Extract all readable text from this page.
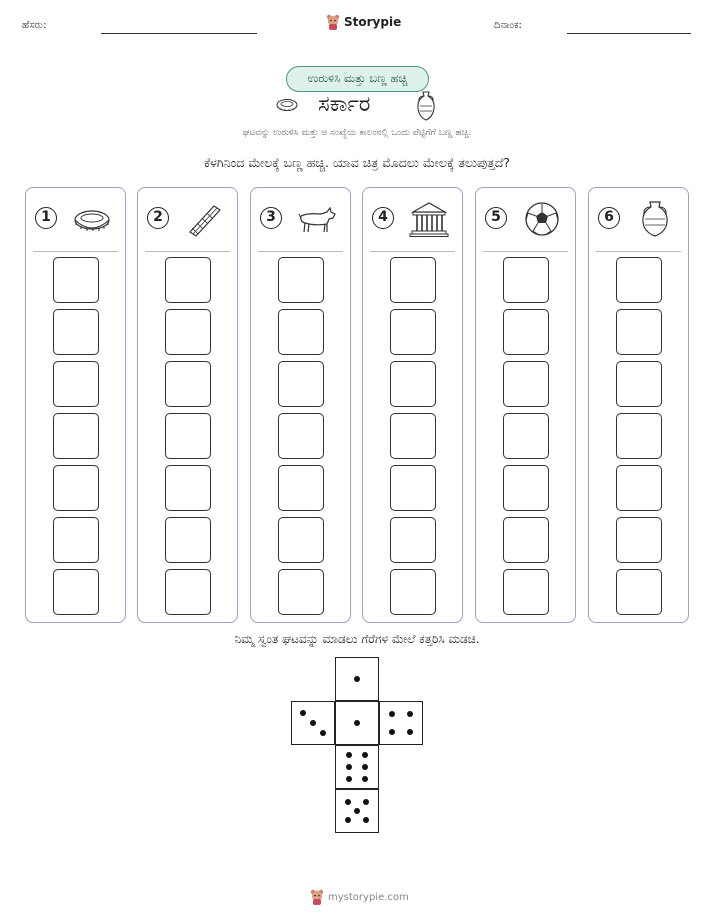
ಹೆಸರು:	Storypie	ದಿನಾಂಕ:
ಉರುಳಿಸಿ ಮತ್ತು ಬಣ್ಣ ಹಚ್ಚಿ
ಸರ್ಕಾರ
ಘಟವನ್ನು ಉರುಳಿಸಿ ಮತ್ತು ಆ ಸಂಖ್ಯೆಯ ಕಾಲಂನಲ್ಲಿ ಒಂದು ಪೆಟ್ಟಿಗೆಗೆ ಬಣ್ಣ ಹಚ್ಚಿ.
ಕೆಳಗಿನಿಂದ ಮೇಲಕ್ಕೆ ಬಣ್ಣ ಹಚ್ಚಿ. ಯಾವ ಚಿತ್ರ ಮೊದಲು ಮೇಲಕ್ಕೆ ತಲುಪುತ್ತದೆ?
1	2	3	4	5	6
ನಿಮ್ಮ ಸ್ವಂತ ಘಟವನ್ನು ಮಾಡಲು ಗೆರೆಗಳ ಮೇಲೆ ಕತ್ತರಿಸಿ ಮಡಚಿ.
mystorypie.com
